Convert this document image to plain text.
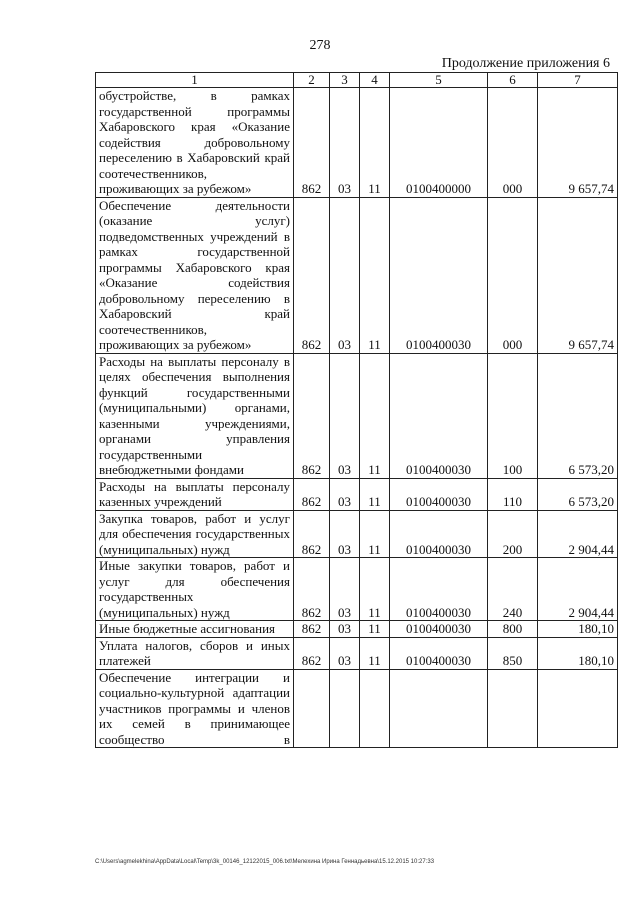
278
Продолжение приложения 6
1	2	3	4	5	6	7
обустройстве, в рамках государственной программы Хабаровского края «Оказание содействия добровольному переселению в Хабаровский край соотечественников, проживающих за рубежом»	862	03	11	0100400000	000	9 657,74
Обеспечение деятельности (оказание услуг) подведомственных учреждений в рамках государственной программы Хабаровского края «Оказание содействия добровольному переселению в Хабаровский край соотечественников, проживающих за рубежом»	862	03	11	0100400030	000	9 657,74
Расходы на выплаты персоналу в целях обеспечения выполнения функций государственными (муниципальными) органами, казенными учреждениями, органами управления государственными внебюджетными фондами	862	03	11	0100400030	100	6 573,20
Расходы на выплаты персоналу казенных учреждений	862	03	11	0100400030	110	6 573,20
Закупка товаров, работ и услуг для обеспечения государственных (муниципальных) нужд	862	03	11	0100400030	200	2 904,44
Иные закупки товаров, работ и услуг для обеспечения государственных (муниципальных) нужд	862	03	11	0100400030	240	2 904,44
Иные бюджетные ассигнования	862	03	11	0100400030	800	180,10
Уплата налогов, сборов и иных платежей	862	03	11	0100400030	850	180,10
Обеспечение интеграции и социально-культурной адаптации участников программы и членов их семей в принимающее сообщество в						
C:\Users\agmelekhina\AppData\Local\Temp\3k_00146_12122015_006.txt\Мелехина Ирина Геннадьевна\15.12.2015 10:27:33
